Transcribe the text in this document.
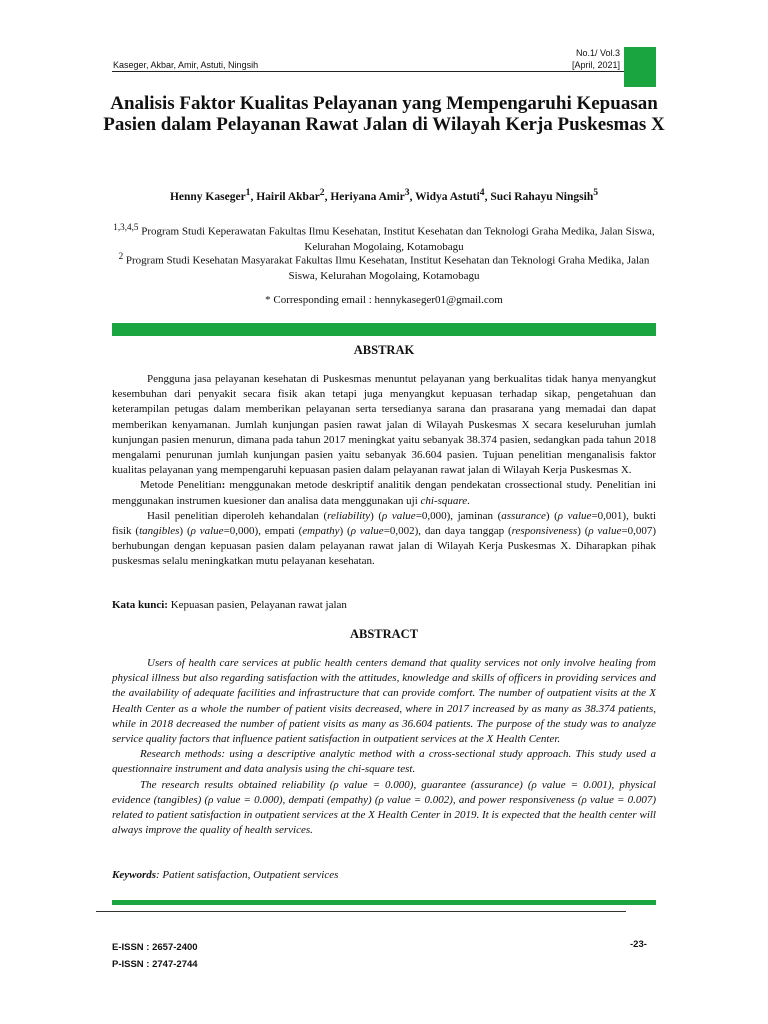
Kaseger, Akbar, Amir, Astuti, Ningsih
No.1/ Vol.3
[April, 2021]
Analisis Faktor Kualitas Pelayanan yang Mempengaruhi Kepuasan Pasien dalam Pelayanan Rawat Jalan di Wilayah Kerja Puskesmas X
Henny Kaseger$^1$, Hairil Akbar$^2$, Heriyana Amir$^3$, Widya Astuti$^4$, Suci Rahayu Ningsih$^5$
$^{1,3,4,5}$ Program Studi Keperawatan Fakultas Ilmu Kesehatan, Institut Kesehatan dan Teknologi Graha Medika, Jalan Siswa, Kelurahan Mogolaing, Kotamobagu
$^2$ Program Studi Kesehatan Masyarakat Fakultas Ilmu Kesehatan, Institut Kesehatan dan Teknologi Graha Medika, Jalan Siswa, Kelurahan Mogolaing, Kotamobagu
* Corresponding email : hennykaseger01@gmail.com
ABSTRAK

Pengguna jasa pelayanan kesehatan di Puskesmas menuntut pelayanan yang berkualitas tidak hanya menyangkut kesembuhan dari penyakit secara fisik akan tetapi juga menyangkut kepuasan terhadap sikap, pengetahuan dan keterampilan petugas dalam memberikan pelayanan serta tersedianya sarana dan prasarana yang memadai dan dapat memberikan kenyamanan. Jumlah kunjungan pasien rawat jalan di Wilayah Puskesmas X secara keseluruhan jumlah kunjungan pasien menurun, dimana pada tahun 2017 meningkat yaitu sebanyak 38.374 pasien, sedangkan pada tahun 2018 mengalami penurunan jumlah kunjungan pasien yaitu sebanyak 36.604 pasien. Tujuan penelitian menganalisis faktor kualitas pelayanan yang mempengaruhi kepuasan pasien dalam pelayanan rawat jalan di Wilayah Kerja Puskesmas X.

Metode Penelitian: menggunakan metode deskriptif analitik dengan pendekatan crossectional study. Penelitian ini menggunakan instrumen kuesioner dan analisa data menggunakan uji chi-square.

Hasil penelitian diperoleh kehandalan (reliability) (ρ value=0,000), jaminan (assurance) (ρ value=0,001), bukti fisik (tangibles) (ρ value=0,000), empati (empathy) (ρ value=0,002), dan daya tanggap (responsiveness) (ρ value=0,007) berhubungan dengan kepuasan pasien dalam pelayanan rawat jalan di Wilayah Kerja Puskesmas X. Diharapkan pihak puskesmas selalu meningkatkan mutu pelayanan kesehatan.

Kata kunci: Kepuasan pasien, Pelayanan rawat jalan
ABSTRACT

Users of health care services at public health centers demand that quality services not only involve healing from physical illness but also regarding satisfaction with the attitudes, knowledge and skills of officers in providing services and the availability of adequate facilities and infrastructure that can provide comfort. The number of outpatient visits at the X Health Center as a whole the number of patient visits decreased, where in 2017 increased by as many as 38.374 patients, while in 2018 decreased the number of patient visits as many as 36.604 patients. The purpose of the study was to analyze service quality factors that influence patient satisfaction in outpatient services at the X Health Center.

Research methods: using a descriptive analytic method with a cross-sectional study approach. This study used a questionnaire instrument and data analysis using the chi-square test.

The research results obtained reliability (ρ value = 0.000), guarantee (assurance) (ρ value = 0.001), physical evidence (tangibles) (ρ value = 0.000), dempati (empathy) (ρ value = 0.002), and power responsiveness (ρ value = 0.007) related to patient satisfaction in outpatient services at the X Health Center in 2019. It is expected that the health center will always improve the quality of health services.

Keywords: Patient satisfaction, Outpatient services
E-ISSN : 2657-2400
P-ISSN : 2747-2744
-23-
